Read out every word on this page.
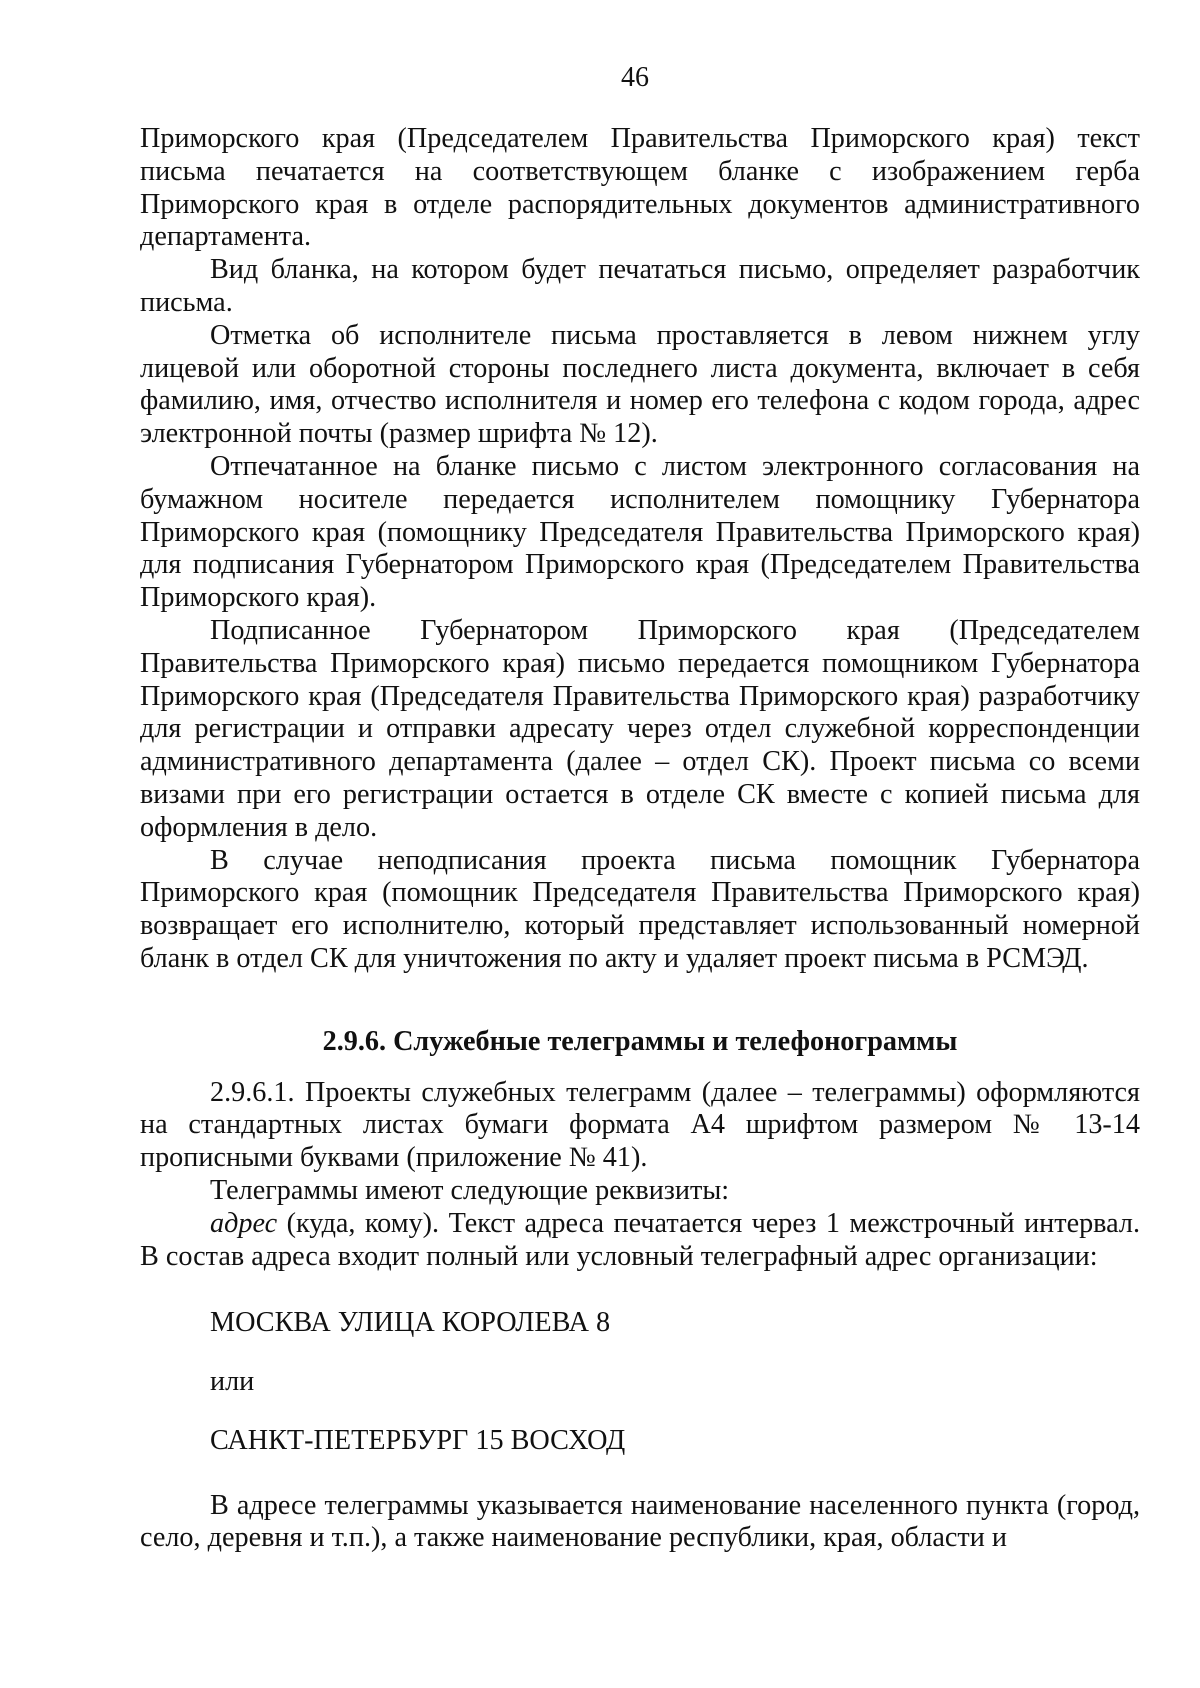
46

Приморского края (Председателем Правительства Приморского края) текст письма печатается на соответствующем бланке с изображением герба Приморского края в отделе распорядительных документов административного департамента.

Вид бланка, на котором будет печататься письмо, определяет разработчик письма.

Отметка об исполнителе письма проставляется в левом нижнем углу лицевой или оборотной стороны последнего листа документа, включает в себя фамилию, имя, отчество исполнителя и номер его телефона с кодом города, адрес электронной почты (размер шрифта № 12).

Отпечатанное на бланке письмо с листом электронного согласования на бумажном носителе передается исполнителем помощнику Губернатора Приморского края (помощнику Председателя Правительства Приморского края) для подписания Губернатором Приморского края (Председателем Правительства Приморского края).

Подписанное Губернатором Приморского края (Председателем Правительства Приморского края) письмо передается помощником Губернатора Приморского края (Председателя Правительства Приморского края) разработчику для регистрации и отправки адресату через отдел служебной корреспонденции административного департамента (далее – отдел СК). Проект письма со всеми визами при его регистрации остается в отделе СК вместе с копией письма для оформления в дело.

В случае неподписания проекта письма помощник Губернатора Приморского края (помощник Председателя Правительства Приморского края) возвращает его исполнителю, который представляет использованный номерной бланк в отдел СК для уничтожения по акту и удаляет проект письма в РСМЭД.

2.9.6. Служебные телеграммы и телефонограммы

2.9.6.1. Проекты служебных телеграмм (далее – телеграммы) оформляются на стандартных листах бумаги формата А4 шрифтом размером № 13-14 прописными буквами (приложение № 41).

Телеграммы имеют следующие реквизиты:

адрес (куда, кому). Текст адреса печатается через 1 межстрочный интервал. В состав адреса входит полный или условный телеграфный адрес организации:

МОСКВА УЛИЦА КОРОЛЕВА 8

или

САНКТ-ПЕТЕРБУРГ 15 ВОСХОД

В адресе телеграммы указывается наименование населенного пункта (город, село, деревня и т.п.), а также наименование республики, края, области и
